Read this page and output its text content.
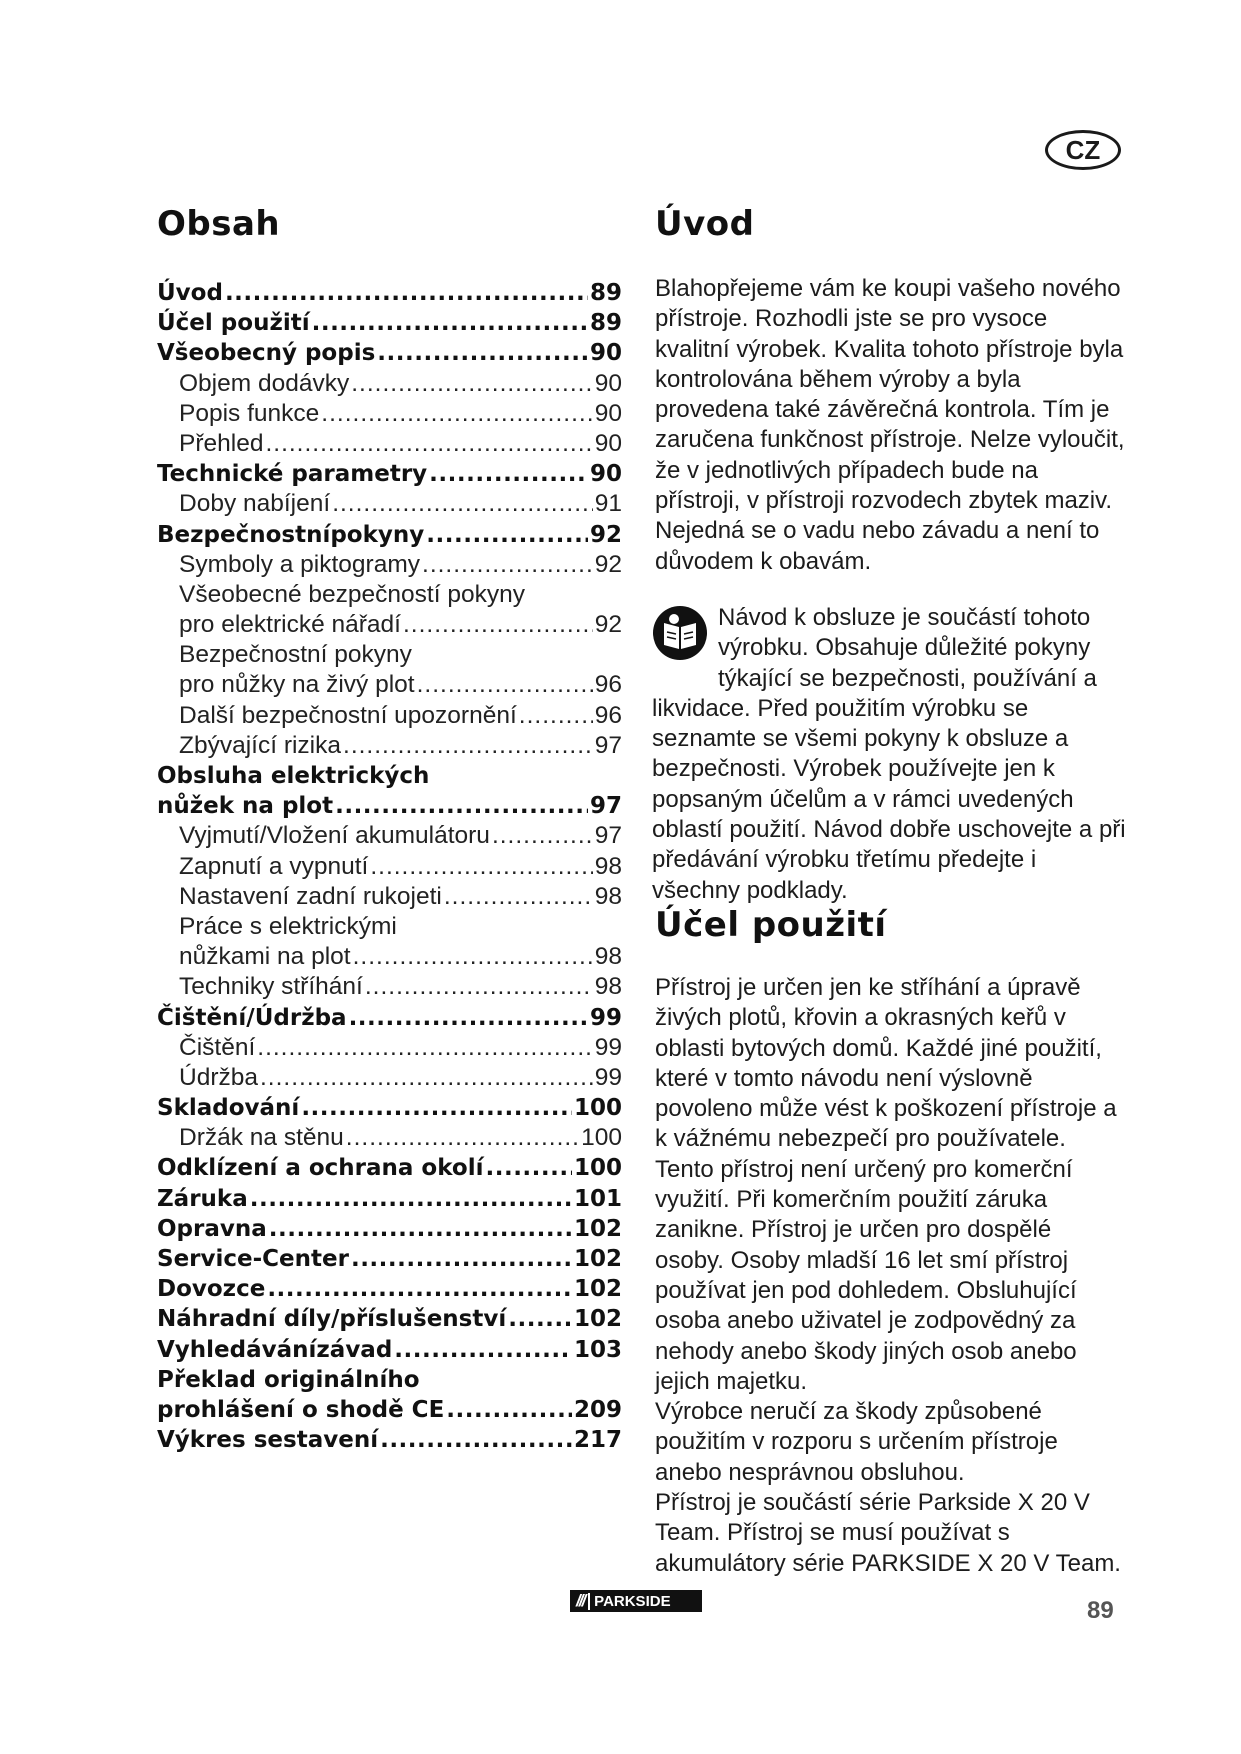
CZ
Obsah
Úvod .....	89
Účel použití .....	89
Všeobecný popis .....	90
Objem dodávky .....	90
Popis funkce .....	90
Přehled .....	90
Technické parametry .....	90
Doby nabíjení .....	91
Bezpečnostnípokyny .....	92
Symboly a piktogramy .....	92
Všeobecné bezpečností pokyny
pro elektrické nářadí .....	92
Bezpečnostní pokyny
pro nůžky na živý plot .....	96
Další bezpečnostní upozornění .....	96
Zbývající rizika .....	97
Obsluha elektrických
nůžek na plot .....	97
Vyjmutí/Vložení akumulátoru .....	97
Zapnutí a vypnutí .....	98
Nastavení zadní rukojeti .....	98
Práce s elektrickými
nůžkami na plot .....	98
Techniky stříhání .....	98
Čištění/Údržba .....	99
Čištění .....	99
Údržba .....	99
Skladování .....	100
Držák na stěnu .....	100
Odklízení a ochrana okolí .....	100
Záruka .....	101
Opravna .....	102
Service-Center .....	102
Dovozce .....	102
Náhradní díly/příslušenství .....	102
Vyhledávánízávad .....	103
Překlad originálního
prohlášení o shodě CE .....	209
Výkres sestavení .....	217
Úvod

Blahopřejeme vám ke koupi vašeho nového přístroje. Rozhodli jste se pro vysoce kvalitní výrobek. Kvalita tohoto přístroje byla kontrolována během výroby a byla provedena také závěrečná kontrola. Tím je zaručena funkčnost přístroje. Nelze vyloučit, že v jednotlivých případech bude na přístroji, v přístroji rozvodech zbytek maziv. Nejedná se o vadu nebo závadu a není to důvodem k obavám.

Návod k obsluze je součástí tohoto výrobku. Obsahuje důležité pokyny týkající se bezpečnosti, používání a likvidace. Před použitím výrobku se seznamte se všemi pokyny k obsluze a bezpečnosti. Výrobek používejte jen k popsaným účelům a v rámci uvedených oblastí použití. Návod dobře uschovejte a při předávání výrobku třetímu předejte i všechny podklady.

Účel použití

Přístroj je určen jen ke stříhání a úpravě živých plotů, křovin a okrasných keřů v oblasti bytových domů. Každé jiné použití, které v tomto návodu není výslovně povoleno může vést k poškození přístroje a k vážnému nebezpečí pro používatele.

Tento přístroj není určený pro komerční využití. Při komerčním použití záruka zanikne. Přístroj je určen pro dospělé osoby. Osoby mladší 16 let smí přístroj používat jen pod dohledem. Obsluhující osoba anebo uživatel je zodpovědný za nehody anebo škody jiných osob anebo jejich majetku.

Výrobce neručí za škody způsobené použitím v rozporu s určením přístroje anebo nesprávnou obsluhou.

Přístroj je součástí série Parkside X 20 V Team. Přístroj se musí používat s akumulátory série PARKSIDE X 20 V Team.

/// PARKSIDE	89
